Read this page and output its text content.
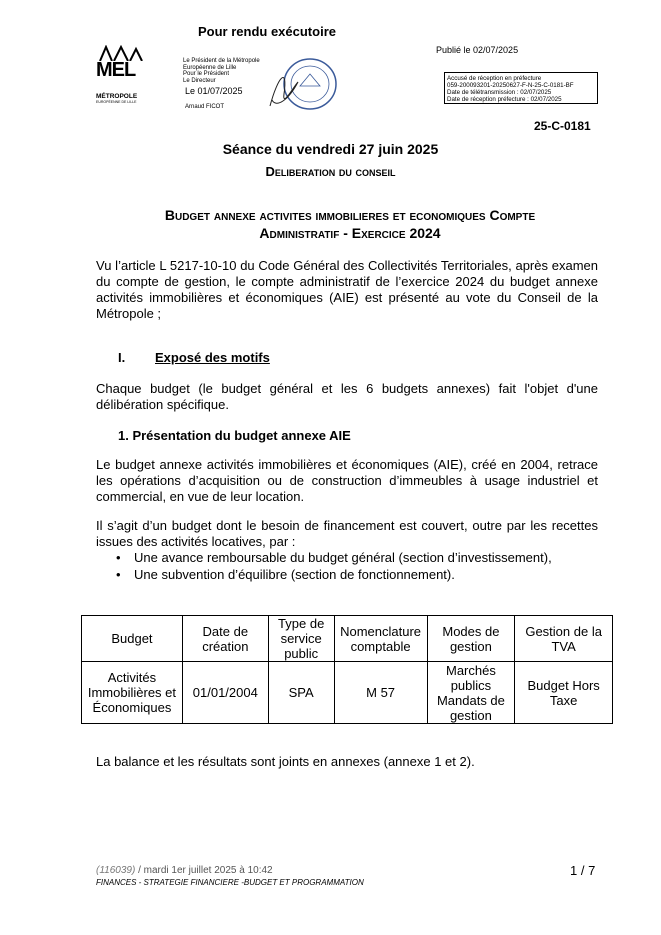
Pour rendu exécutoire
Publié le 02/07/2025
MEL
MÉTROPOLE
EUROPÉENNE DE LILLE
Le Président de la Métropole Européenne de Lille
Pour le Président
Le Directeur
Le 01/07/2025
Arnaud FICOT
Accusé de réception en préfecture
059-200093201-20250627-F-N-25-C-0181-BF
Date de télétransmission : 02/07/2025
Date de réception préfecture : 02/07/2025
25-C-0181
Séance du vendredi 27 juin 2025
Deliberation du conseil
Budget annexe activites immobilieres et economiques Compte
Administratif - Exercice 2024
Vu l’article L 5217-10-10 du Code Général des Collectivités Territoriales, après examen du compte de gestion, le compte administratif de l’exercice 2024 du budget annexe activités immobilières et économiques (AIE) est présenté au vote du Conseil de la Métropole ;
I. Exposé des motifs
Chaque budget (le budget général et les 6 budgets annexes) fait l'objet d'une délibération spécifique.
1. Présentation du budget annexe AIE
Le budget annexe activités immobilières et économiques (AIE), créé en 2004, retrace les opérations d’acquisition ou de construction d’immeubles à usage industriel et commercial, en vue de leur location.
Il s’agit d’un budget dont le besoin de financement est couvert, outre par les recettes issues des activités locatives, par :
• Une avance remboursable du budget général (section d’investissement),
• Une subvention d’équilibre (section de fonctionnement).
Budget	Date de création	Type de service public	Nomenclature comptable	Modes de gestion	Gestion de la TVA
Activités Immobilières et Économiques	01/01/2004	SPA	M 57	Marchés publics Mandats de gestion	Budget Hors Taxe
La balance et les résultats sont joints en annexes (annexe 1 et 2).
(116039) / mardi 1er juillet 2025 à 10:42
FINANCES - STRATEGIE FINANCIERE -BUDGET ET PROGRAMMATION
1 / 7
